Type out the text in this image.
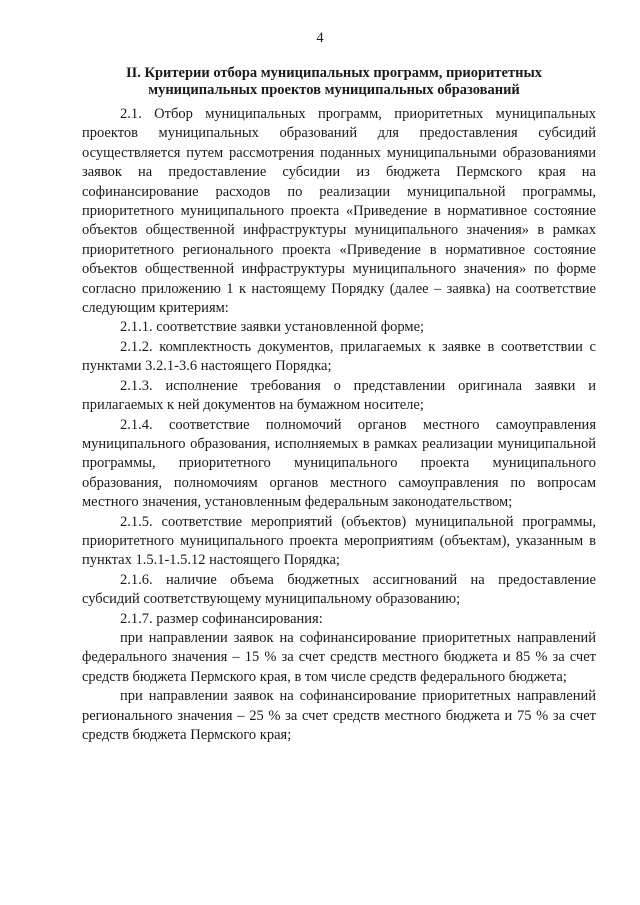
4
II. Критерии отбора муниципальных программ, приоритетных
муниципальных проектов муниципальных образований

2.1. Отбор муниципальных программ, приоритетных муниципальных проектов муниципальных образований для предоставления субсидий осуществляется путем рассмотрения поданных муниципальными образованиями заявок на предоставление субсидии из бюджета Пермского края на софинансирование расходов по реализации муниципальной программы, приоритетного муниципального проекта «Приведение в нормативное состояние объектов общественной инфраструктуры муниципального значения» в рамках приоритетного регионального проекта «Приведение в нормативное состояние объектов общественной инфраструктуры муниципального значения» по форме согласно приложению 1 к настоящему Порядку (далее – заявка) на соответствие следующим критериям:

2.1.1. соответствие заявки установленной форме;

2.1.2. комплектность документов, прилагаемых к заявке в соответствии с пунктами 3.2.1-3.6 настоящего Порядка;

2.1.3. исполнение требования о представлении оригинала заявки и прилагаемых к ней документов на бумажном носителе;

2.1.4. соответствие полномочий органов местного самоуправления муниципального образования, исполняемых в рамках реализации муниципальной программы, приоритетного муниципального проекта муниципального образования, полномочиям органов местного самоуправления по вопросам местного значения, установленным федеральным законодательством;

2.1.5. соответствие мероприятий (объектов) муниципальной программы, приоритетного муниципального проекта мероприятиям (объектам), указанным в пунктах 1.5.1-1.5.12 настоящего Порядка;

2.1.6. наличие объема бюджетных ассигнований на предоставление субсидий соответствующему муниципальному образованию;

2.1.7. размер софинансирования:

при направлении заявок на софинансирование приоритетных направлений федерального значения – 15 % за счет средств местного бюджета и 85 % за счет средств бюджета Пермского края, в том числе средств федерального бюджета;

при направлении заявок на софинансирование приоритетных направлений регионального значения – 25 % за счет средств местного бюджета и 75 % за счет средств бюджета Пермского края;
